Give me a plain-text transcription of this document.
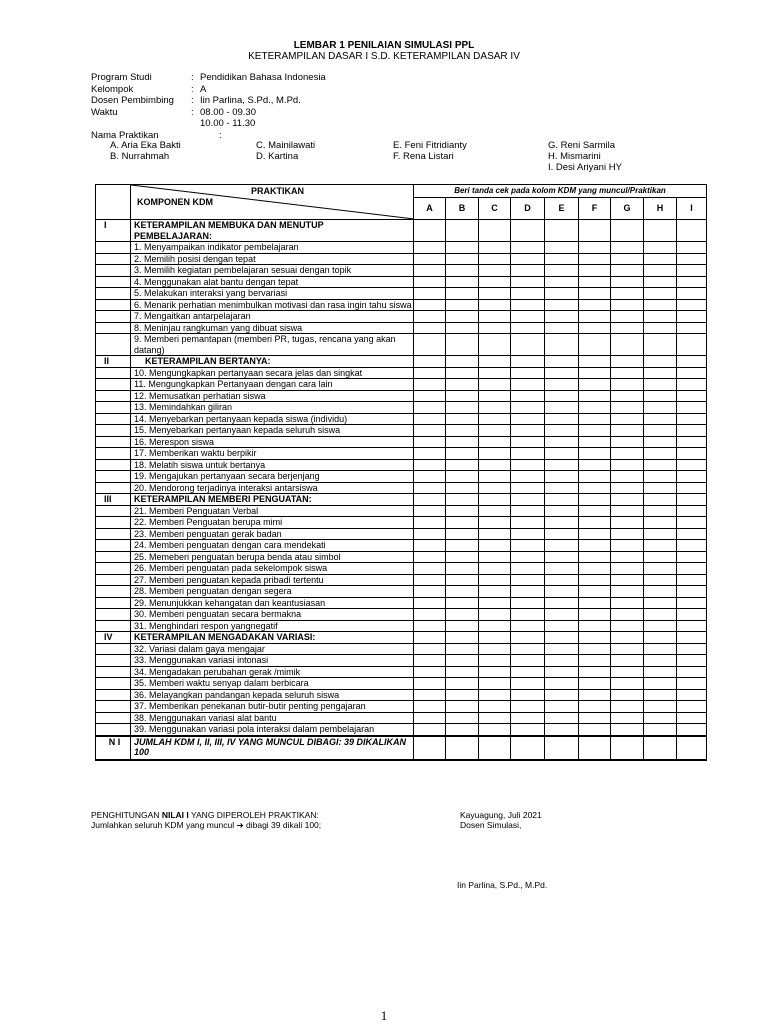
LEMBAR 1 PENILAIAN SIMULASI PPL
KETERAMPILAN DASAR I S.D. KETERAMPILAN DASAR IV
Program Studi	: Pendidikan Bahasa Indonesia
Kelompok	: A
Dosen Pembimbing	: Iin Parlina, S.Pd., M.Pd.
Waktu	: 08.00 - 09.30
10.00 - 11.30
Nama Praktikan	:
A. Aria Eka Bakti
B. Nurrahmah
C. Mainilawati
D. Kartina
E. Feni Fitridianty
F. Rena Listari
G. Reni Sarmila
H. Mismarini
I. Desi Ariyani HY

	PRAKTIKAN
KOMPONEN KDM	Beri tanda cek pada kolom KDM yang muncul/Praktikan								
		A	B	C	D	E	F	G	H	I
I	KETERAMPILAN MEMBUKA DAN MENUTUP
PEMBELAJARAN:									

	1. Menyampaikan indikator pembelajaran									
	2. Memilih posisi dengan tepat									
	3. Memilih kegiatan pembelajaran sesuai dengan topik									
	4. Menggunakan alat bantu dengan tepat									
	5. Melakukan interaksi yang bervariasi									
	6. Menarik perhatian menimbulkan motivasi dan rasa ingin tahu siswa									
	7. Mengaitkan antarpelajaran									
	8. Meninjau rangkuman yang dibuat siswa									
	9. Memberi pemantapan (memberi PR, tugas, rencana yang akan datang)									
II	KETERAMPILAN BERTANYA:									

	10. Mengungkapkan pertanyaan secara jelas dan singkat									
	11. Mengungkapkan Pertanyaan dengan cara lain									
	12. Memusatkan perhatian siswa									
	13. Memindahkan giliran									
	14. Menyebarkan pertanyaan kepada siswa (individu)									
	15. Menyebarkan pertanyaan kepada seluruh siswa									
	16. Merespon siswa									
	17. Memberikan waktu berpikir									
	18. Melatih siswa untuk bertanya									
	19. Mengajukan pertanyaan secara berjenjang									
	20. Mendorong terjadinya interaksi antarsiswa									
III	KETERAMPILAN MEMBERI PENGUATAN:									

	21. Memberi Penguatan Verbal									
	22. Memberi Penguatan berupa mimi									
	23. Memberi penguatan gerak badan									
	24. Memberi penguatan dengan cara mendekati									
	25. Memeberi penguatan berupa benda atau simbol									
	26. Memberi penguatan pada sekelompok siswa									
	27. Memberi penguatan kepada pribadi tertentu									
	28. Memberi penguatan dengan segera									
	29. Menunjukkan kehangatan dan keantusiasan									
	30. Memberi penguatan secara bermakna									
	31. Menghindari respon yangnegatif									
IV	KETERAMPILAN MENGADAKAN VARIASI:									

	32. Variasi dalam gaya mengajar									
	33. Menggunakan variasi intonasi									
	34. Mengadakan perubahan gerak /mimik									
	35. Memberi waktu senyap dalam berbicara									
	36. Melayangkan pandangan kepada seluruh siswa									
	37. Memberikan penekanan butir-butir penting pengajaran									
	38. Menggunakan variasi alat bantu									
	39. Menggunakan variasi pola interaksi dalam pembelajaran									
N I	JUMLAH KDM I, II, III, IV YANG MUNCUL DIBAGI: 39 DIKALIKAN 100									
PENGHITUNGAN NILAI I YANG DIPEROLEH PRAKTIKAN:
Jumlahkan seluruh KDM yang muncul ➔ dibagi 39 dikali 100;
Kayuagung, Juli 2021
Dosen Simulasi,
Iin Parlina, S.Pd., M.Pd.
1
